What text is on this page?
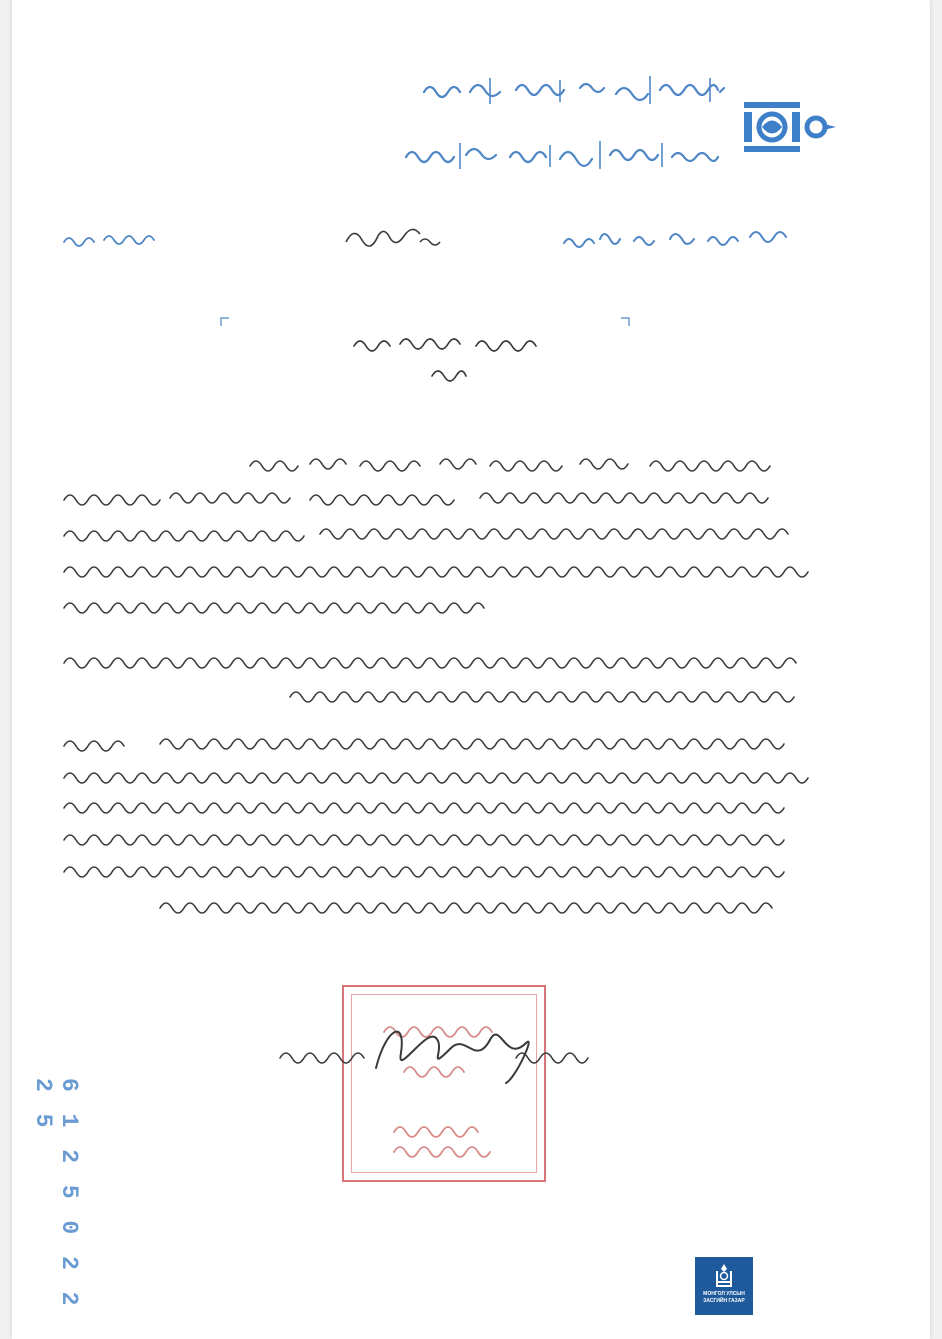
6 1 2 5 0 2 2 2 5
МОНГОЛ УЛСЫН
ЗАСГИЙН ГАЗАР
